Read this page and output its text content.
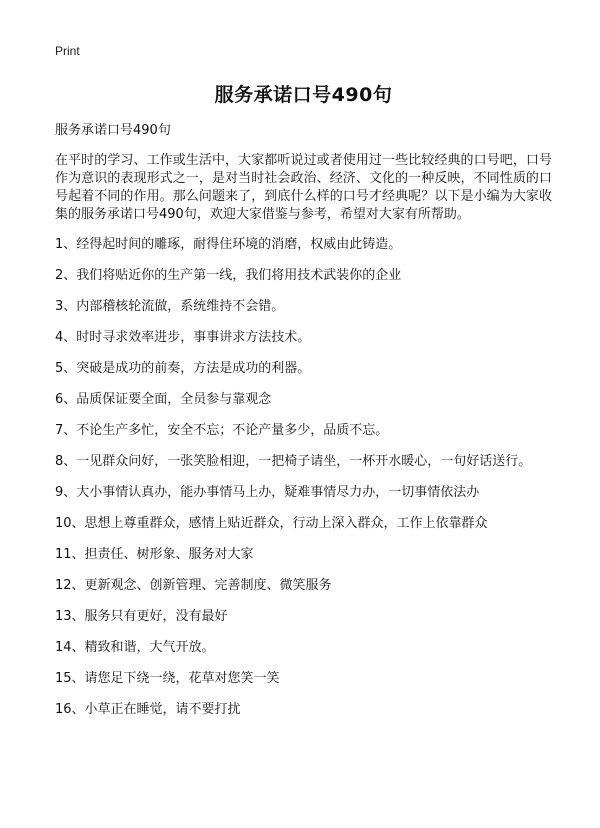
Print

服务承诺口号490句

服务承诺口号490句

在平时的学习、工作或生活中，大家都听说过或者使用过一些比较经典的口号吧，口号作为意识的表现形式之一，是对当时社会政治、经济、文化的一种反映，不同性质的口号起着不同的作用。那么问题来了，到底什么样的口号才经典呢？以下是小编为大家收集的服务承诺口号490句，欢迎大家借鉴与参考，希望对大家有所帮助。

1、经得起时间的雕琢，耐得住环境的消磨，权威由此铸造。
2、我们将贴近你的生产第一线，我们将用技术武装你的企业
3、内部稽核轮流做，系统维持不会错。
4、时时寻求效率进步，事事讲求方法技术。
5、突破是成功的前奏，方法是成功的利器。
6、品质保证要全面，全员参与靠观念
7、不论生产多忙，安全不忘；不论产量多少，品质不忘。
8、一见群众问好，一张笑脸相迎，一把椅子请坐，一杯开水暖心，一句好话送行。
9、大小事情认真办，能办事情马上办，疑难事情尽力办，一切事情依法办
10、思想上尊重群众，感情上贴近群众，行动上深入群众，工作上依靠群众
11、担责任、树形象、服务对大家
12、更新观念、创新管理、完善制度、微笑服务
13、服务只有更好，没有最好
14、精致和谐，大气开放。
15、请您足下绕一绕，花草对您笑一笑
16、小草正在睡觉，请不要打扰
